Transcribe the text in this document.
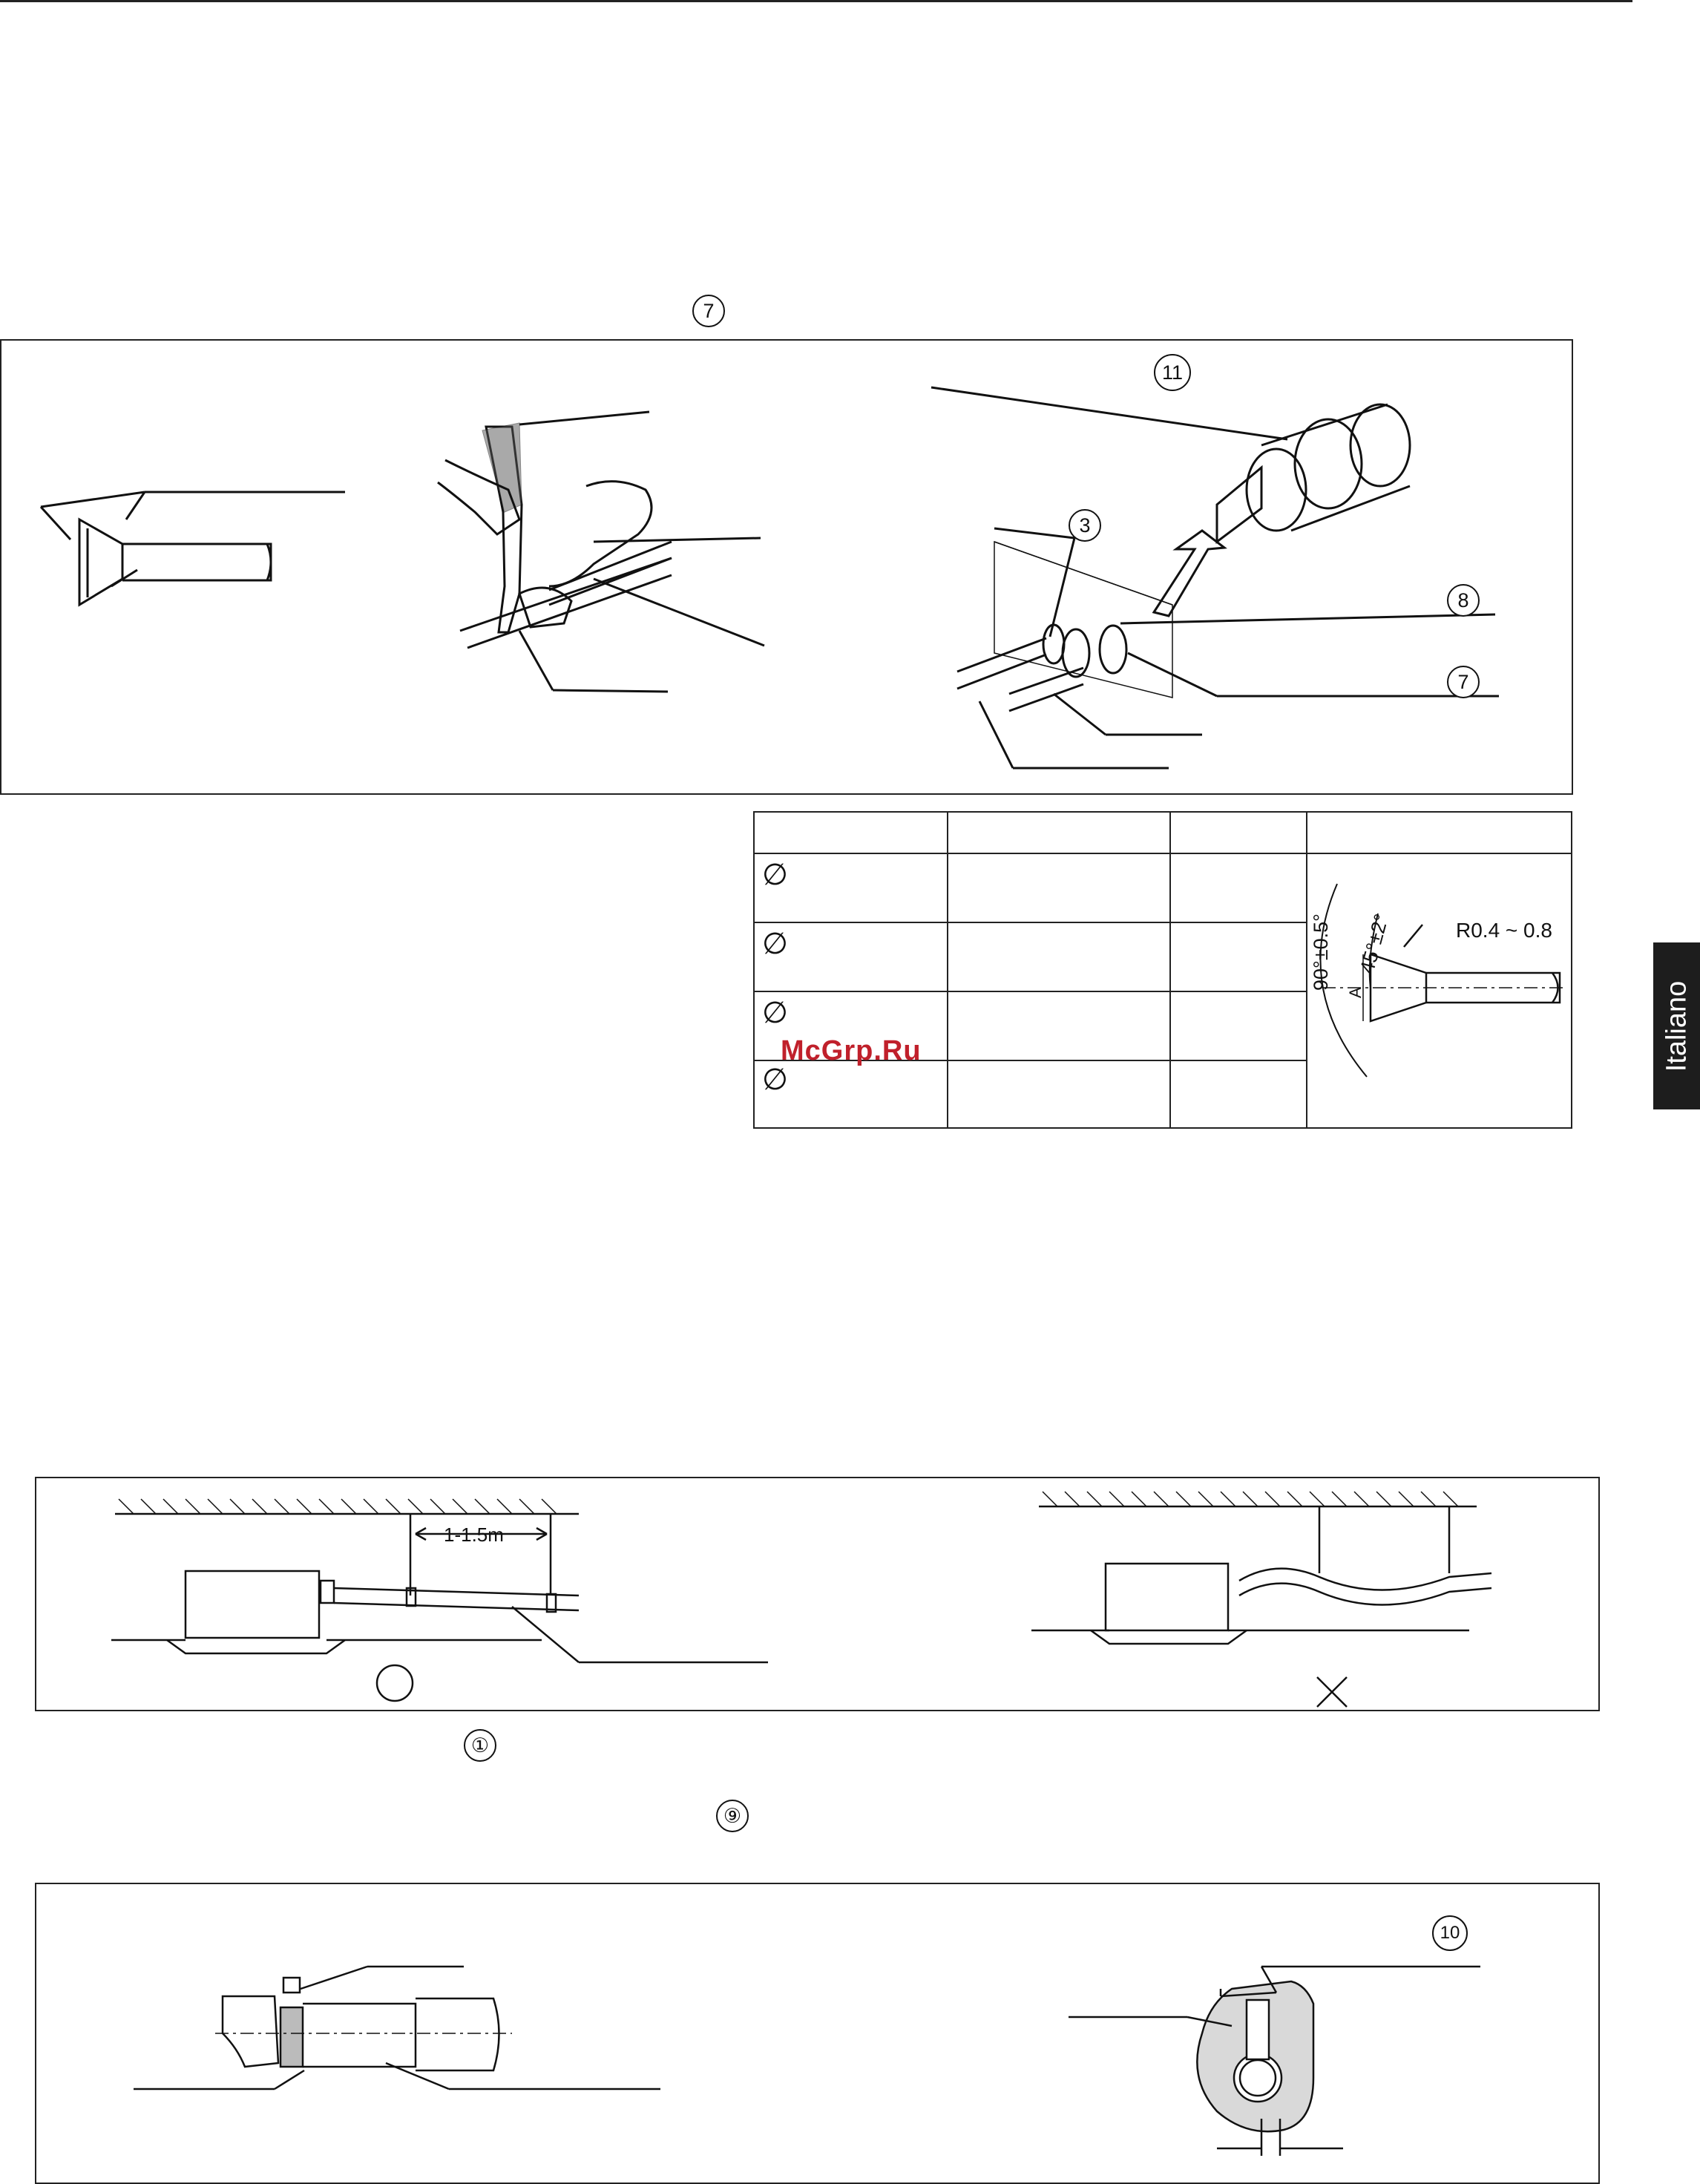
7
11
3
8
7
∅
∅
∅
∅
R0.4 ~ 0.8
90°±0.5° 45°±2°
A
McGrp.Ru	Italiano
1-1.5m
①
⑨
10
